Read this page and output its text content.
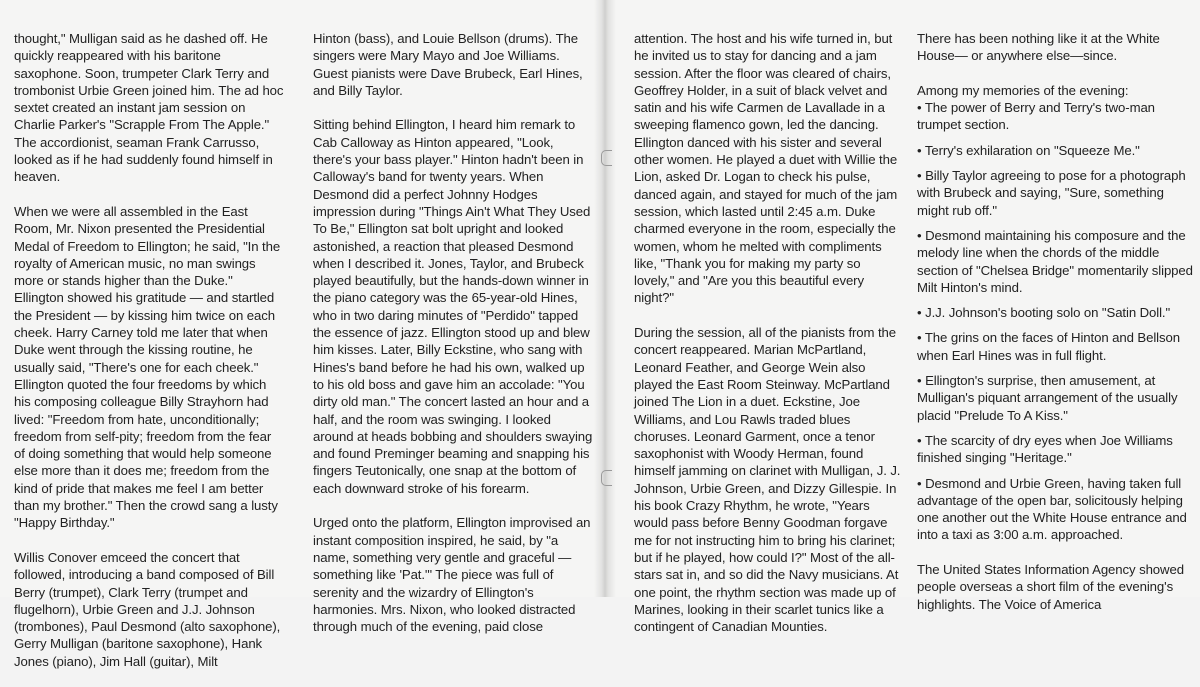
thought," Mulligan said as he dashed off. He quickly reappeared with his baritone saxophone. Soon, trumpeter Clark Terry and trombonist Urbie Green joined him. The ad hoc sextet created an instant jam session on Charlie Parker's "Scrapple From The Apple." The accordionist, seaman Frank Carrusso, looked as if he had suddenly found himself in heaven.

When we were all assembled in the East Room, Mr. Nixon presented the Presidential Medal of Freedom to Ellington; he said, "In the royalty of American music, no man swings more or stands higher than the Duke." Ellington showed his gratitude — and startled the President — by kissing him twice on each cheek. Harry Carney told me later that when Duke went through the kissing routine, he usually said, "There's one for each cheek." Ellington quoted the four freedoms by which his composing colleague Billy Strayhorn had lived: "Freedom from hate, unconditionally; freedom from self-pity; freedom from the fear of doing something that would help someone else more than it does me; freedom from the kind of pride that makes me feel I am better than my brother." Then the crowd sang a lusty "Happy Birthday."

Willis Conover emceed the concert that followed, introducing a band composed of Bill Berry (trumpet), Clark Terry (trumpet and flugelhorn), Urbie Green and J.J. Johnson (trombones), Paul Desmond (alto saxophone), Gerry Mulligan (baritone saxophone), Hank Jones (piano), Jim Hall (guitar), Milt

Hinton (bass), and Louie Bellson (drums). The singers were Mary Mayo and Joe Williams. Guest pianists were Dave Brubeck, Earl Hines, and Billy Taylor.

Sitting behind Ellington, I heard him remark to Cab Calloway as Hinton appeared, "Look, there's your bass player." Hinton hadn't been in Calloway's band for twenty years. When Desmond did a perfect Johnny Hodges impression during "Things Ain't What They Used To Be," Ellington sat bolt upright and looked astonished, a reaction that pleased Desmond when I described it. Jones, Taylor, and Brubeck played beautifully, but the hands-down winner in the piano category was the 65-year-old Hines, who in two daring minutes of "Perdido" tapped the essence of jazz. Ellington stood up and blew him kisses. Later, Billy Eckstine, who sang with Hines's band before he had his own, walked up to his old boss and gave him an accolade: "You dirty old man." The concert lasted an hour and a half, and the room was swinging. I looked around at heads bobbing and shoulders swaying and found Preminger beaming and snapping his fingers Teutonically, one snap at the bottom of each downward stroke of his forearm.

Urged onto the platform, Ellington improvised an instant composition inspired, he said, by "a name, something very gentle and graceful — something like 'Pat.'" The piece was full of serenity and the wizardry of Ellington's harmonies. Mrs. Nixon, who looked distracted through much of the evening, paid close

attention. The host and his wife turned in, but he invited us to stay for dancing and a jam session. After the floor was cleared of chairs, Geoffrey Holder, in a suit of black velvet and satin and his wife Carmen de Lavallade in a sweeping flamenco gown, led the dancing. Ellington danced with his sister and several other women. He played a duet with Willie the Lion, asked Dr. Logan to check his pulse, danced again, and stayed for much of the jam session, which lasted until 2:45 a.m. Duke charmed everyone in the room, especially the women, whom he melted with compliments like, "Thank you for making my party so lovely," and "Are you this beautiful every night?"

During the session, all of the pianists from the concert reappeared. Marian McPartland, Leonard Feather, and George Wein also played the East Room Steinway. McPartland joined The Lion in a duet. Eckstine, Joe Williams, and Lou Rawls traded blues choruses. Leonard Garment, once a tenor saxophonist with Woody Herman, found himself jamming on clarinet with Mulligan, J. J. Johnson, Urbie Green, and Dizzy Gillespie. In his book Crazy Rhythm, he wrote, "Years would pass before Benny Goodman forgave me for not instructing him to bring his clarinet; but if he played, how could I?" Most of the all-stars sat in, and so did the Navy musicians. At one point, the rhythm section was made up of Marines, looking in their scarlet tunics like a contingent of Canadian Mounties.

There has been nothing like it at the White House— or anywhere else—since.

Among my memories of the evening:

• The power of Berry and Terry's two-man trumpet section.

• Terry's exhilaration on "Squeeze Me."

• Billy Taylor agreeing to pose for a photograph with Brubeck and saying, "Sure, something might rub off."

• Desmond maintaining his composure and the melody line when the chords of the middle section of "Chelsea Bridge" momentarily slipped Milt Hinton's mind.

• J.J. Johnson's booting solo on "Satin Doll."

• The grins on the faces of Hinton and Bellson when Earl Hines was in full flight.

• Ellington's surprise, then amusement, at Mulligan's piquant arrangement of the usually placid "Prelude To A Kiss."

• The scarcity of dry eyes when Joe Williams finished singing "Heritage."

• Desmond and Urbie Green, having taken full advantage of the open bar, solicitously helping one another out the White House entrance and into a taxi as 3:00 a.m. approached.

The United States Information Agency showed people overseas a short film of the evening's highlights. The Voice of America
